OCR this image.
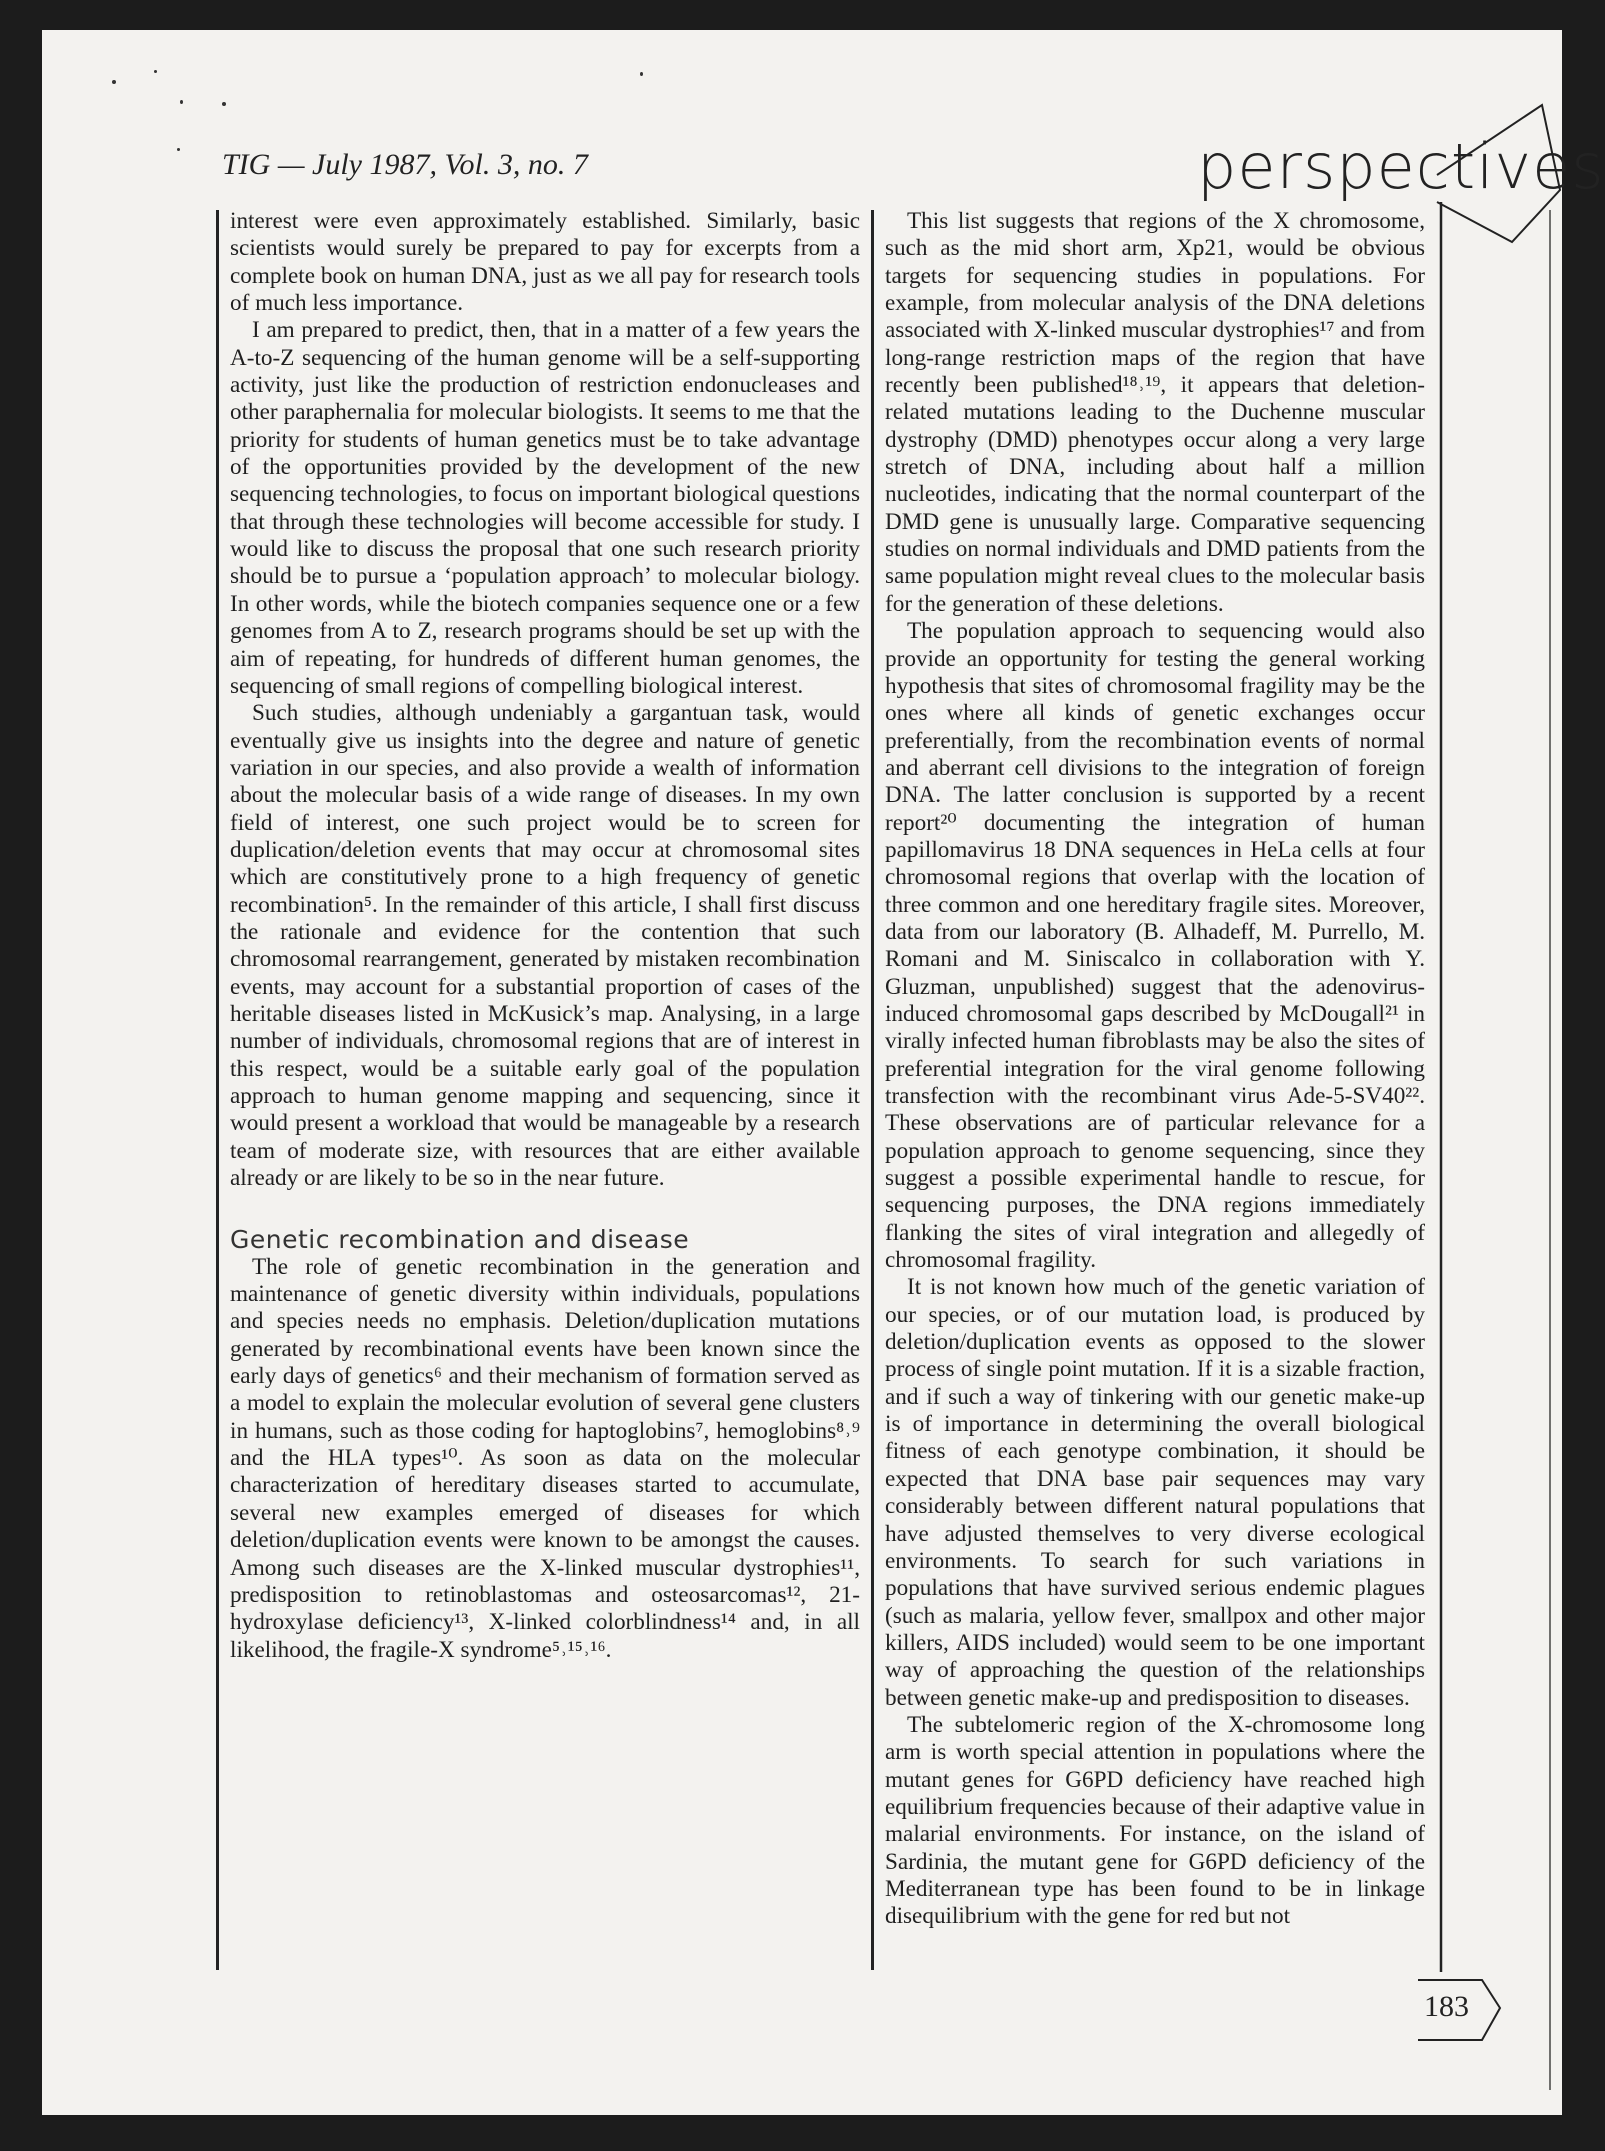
TIG — July 1987, Vol. 3, no. 7	perspectives

interest were even approximately established. Similarly, basic scientists would surely be prepared to pay for excerpts from a complete book on human DNA, just as we all pay for research tools of much less importance.

I am prepared to predict, then, that in a matter of a few years the A-to-Z sequencing of the human genome will be a self-supporting activity, just like the production of restriction endonucleases and other paraphernalia for molecular biologists. It seems to me that the priority for students of human genetics must be to take advantage of the opportunities provided by the development of the new sequencing technologies, to focus on important biological questions that through these technologies will become accessible for study. I would like to discuss the proposal that one such research priority should be to pursue a ‘population approach’ to molecular biology. In other words, while the biotech companies sequence one or a few genomes from A to Z, research programs should be set up with the aim of repeating, for hundreds of different human genomes, the sequencing of small regions of compelling biological interest.

Such studies, although undeniably a gargantuan task, would eventually give us insights into the degree and nature of genetic variation in our species, and also provide a wealth of information about the molecular basis of a wide range of diseases. In my own field of interest, one such project would be to screen for duplication/deletion events that may occur at chromosomal sites which are constitutively prone to a high frequency of genetic recombination⁵. In the remainder of this article, I shall first discuss the rationale and evidence for the contention that such chromosomal rearrangement, generated by mistaken recombination events, may account for a substantial proportion of cases of the heritable diseases listed in McKusick’s map. Analysing, in a large number of individuals, chromosomal regions that are of interest in this respect, would be a suitable early goal of the population approach to human genome mapping and sequencing, since it would present a workload that would be manageable by a research team of moderate size, with resources that are either available already or are likely to be so in the near future.

Genetic recombination and disease

The role of genetic recombination in the generation and maintenance of genetic diversity within individuals, populations and species needs no emphasis. Deletion/duplication mutations generated by recombinational events have been known since the early days of genetics⁶ and their mechanism of formation served as a model to explain the molecular evolution of several gene clusters in humans, such as those coding for haptoglobins⁷, hemoglobins⁸˒⁹ and the HLA types¹⁰. As soon as data on the molecular characterization of hereditary diseases started to accumulate, several new examples emerged of diseases for which deletion/duplication events were known to be amongst the causes. Among such diseases are the X-linked muscular dystrophies¹¹, predisposition to retinoblastomas and osteosarcomas¹², 21-hydroxylase deficiency¹³, X-linked colorblindness¹⁴ and, in all likelihood, the fragile-X syndrome⁵˒¹⁵˒¹⁶.

This list suggests that regions of the X chromosome, such as the mid short arm, Xp21, would be obvious targets for sequencing studies in populations. For example, from molecular analysis of the DNA deletions associated with X-linked muscular dystrophies¹⁷ and from long-range restriction maps of the region that have recently been published¹⁸˒¹⁹, it appears that deletion-related mutations leading to the Duchenne muscular dystrophy (DMD) phenotypes occur along a very large stretch of DNA, including about half a million nucleotides, indicating that the normal counterpart of the DMD gene is unusually large. Comparative sequencing studies on normal individuals and DMD patients from the same population might reveal clues to the molecular basis for the generation of these deletions.

The population approach to sequencing would also provide an opportunity for testing the general working hypothesis that sites of chromosomal fragility may be the ones where all kinds of genetic exchanges occur preferentially, from the recombination events of normal and aberrant cell divisions to the integration of foreign DNA. The latter conclusion is supported by a recent report²⁰ documenting the integration of human papillomavirus 18 DNA sequences in HeLa cells at four chromosomal regions that overlap with the location of three common and one hereditary fragile sites. Moreover, data from our laboratory (B. Alhadeff, M. Purrello, M. Romani and M. Siniscalco in collaboration with Y. Gluzman, unpublished) suggest that the adenovirus-induced chromosomal gaps described by McDougall²¹ in virally infected human fibroblasts may be also the sites of preferential integration for the viral genome following transfection with the recombinant virus Ade-5-SV40²². These observations are of particular relevance for a population approach to genome sequencing, since they suggest a possible experimental handle to rescue, for sequencing purposes, the DNA regions immediately flanking the sites of viral integration and allegedly of chromosomal fragility.

It is not known how much of the genetic variation of our species, or of our mutation load, is produced by deletion/duplication events as opposed to the slower process of single point mutation. If it is a sizable fraction, and if such a way of tinkering with our genetic make-up is of importance in determining the overall biological fitness of each genotype combination, it should be expected that DNA base pair sequences may vary considerably between different natural populations that have adjusted themselves to very diverse ecological environments. To search for such variations in populations that have survived serious endemic plagues (such as malaria, yellow fever, smallpox and other major killers, AIDS included) would seem to be one important way of approaching the question of the relationships between genetic make-up and predisposition to diseases.

The subtelomeric region of the X-chromosome long arm is worth special attention in populations where the mutant genes for G6PD deficiency have reached high equilibrium frequencies because of their adaptive value in malarial environments. For instance, on the island of Sardinia, the mutant gene for G6PD deficiency of the Mediterranean type has been found to be in linkage disequilibrium with the gene for red but not

183
